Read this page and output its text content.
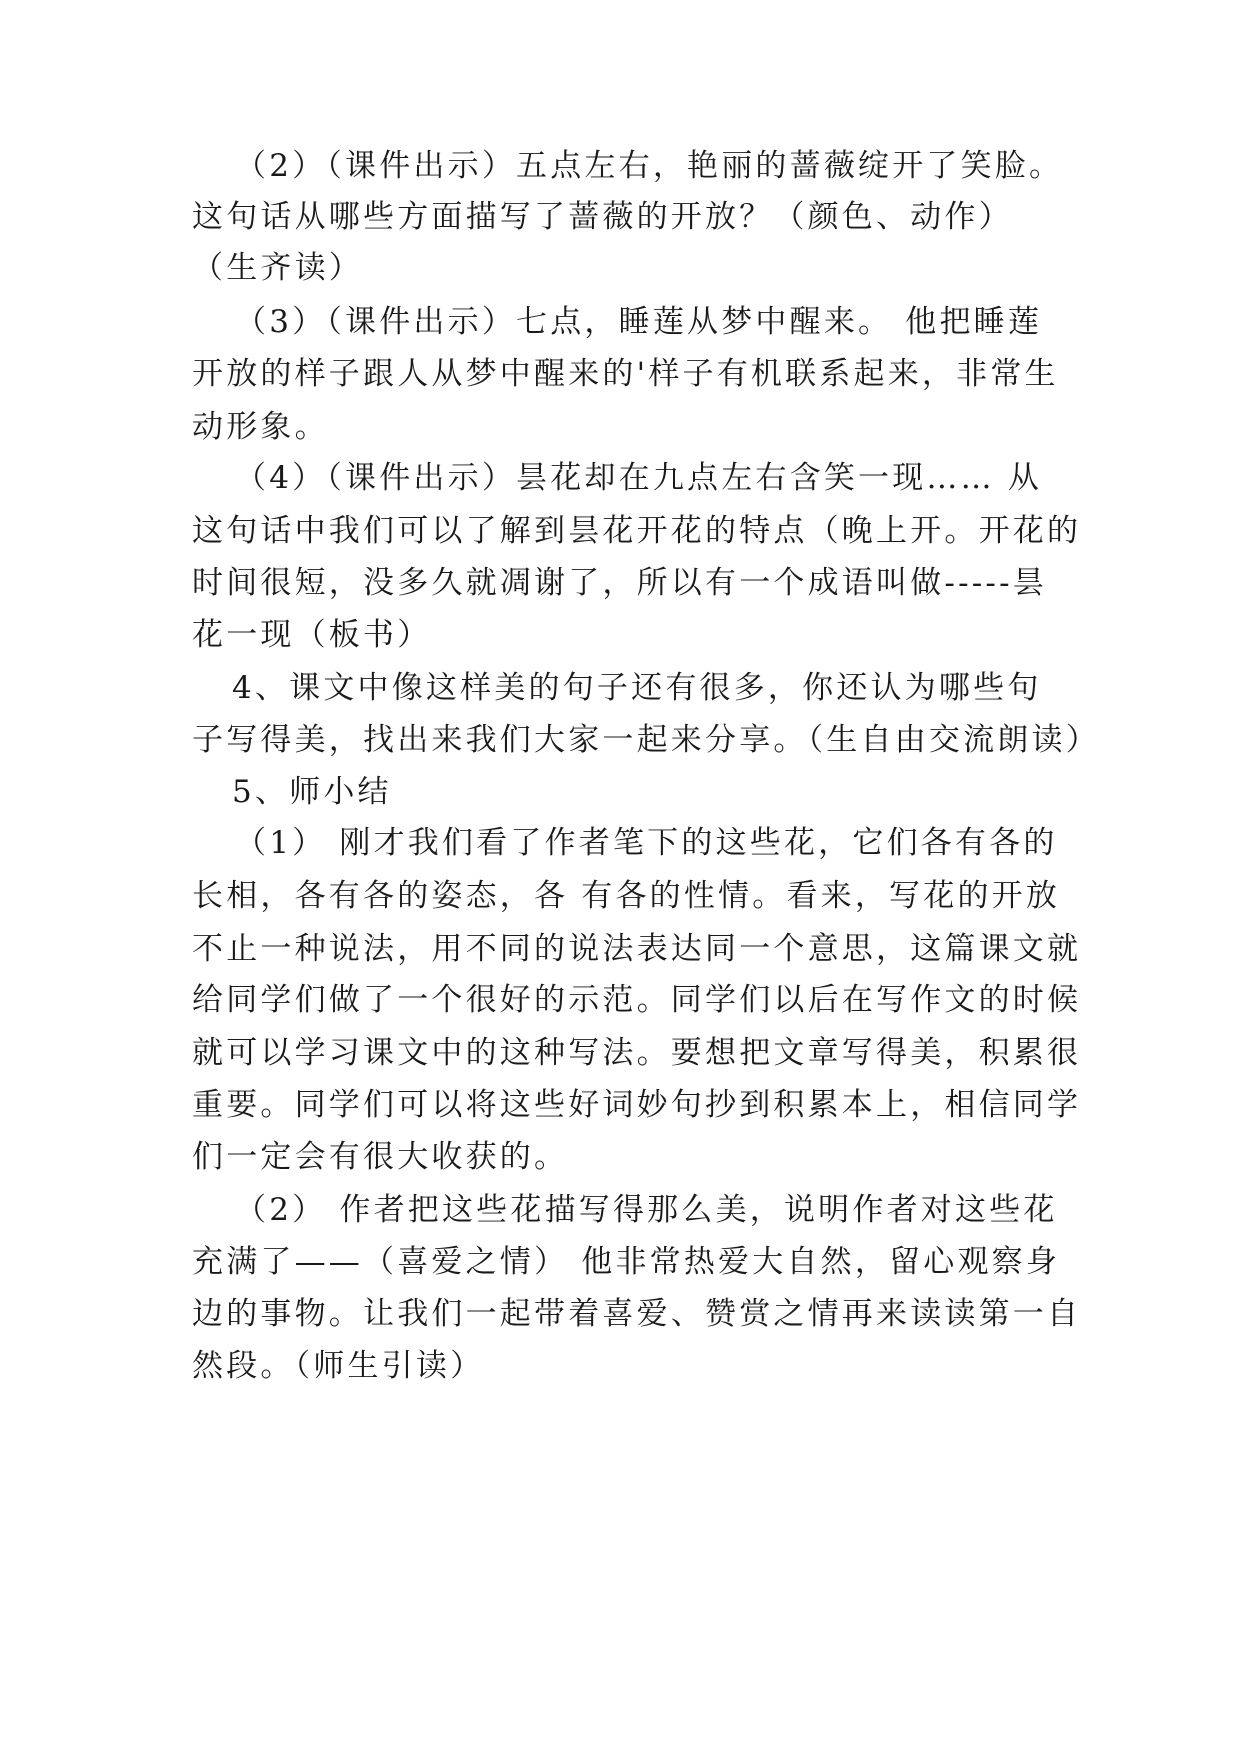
（2）（课件出示）五点左右，艳丽的蔷薇绽开了笑脸。
这句话从哪些方面描写了蔷薇的开放？（颜色、动作）
（生齐读）
（3）（课件出示）七点，睡莲从梦中醒来。 他把睡莲
开放的样子跟人从梦中醒来的'样子有机联系起来，非常生
动形象。
（4）（课件出示）昙花却在九点左右含笑一现…… 从
这句话中我们可以了解到昙花开花的特点（晚上开。开花的
时间很短，没多久就凋谢了，所以有一个成语叫做-----昙
花一现（板书）
4、课文中像这样美的句子还有很多，你还认为哪些句
子写得美，找出来我们大家一起来分享。（生自由交流朗读）
5、师小结
（1） 刚才我们看了作者笔下的这些花，它们各有各的
长相，各有各的姿态，各 有各的性情。看来，写花的开放
不止一种说法，用不同的说法表达同一个意思，这篇课文就
给同学们做了一个很好的示范。同学们以后在写作文的时候
就可以学习课文中的这种写法。要想把文章写得美，积累很
重要。同学们可以将这些好词妙句抄到积累本上，相信同学
们一定会有很大收获的。
（2） 作者把这些花描写得那么美，说明作者对这些花
充满了——（喜爱之情） 他非常热爱大自然，留心观察身
边的事物。让我们一起带着喜爱、赞赏之情再来读读第一自
然段。（师生引读）
